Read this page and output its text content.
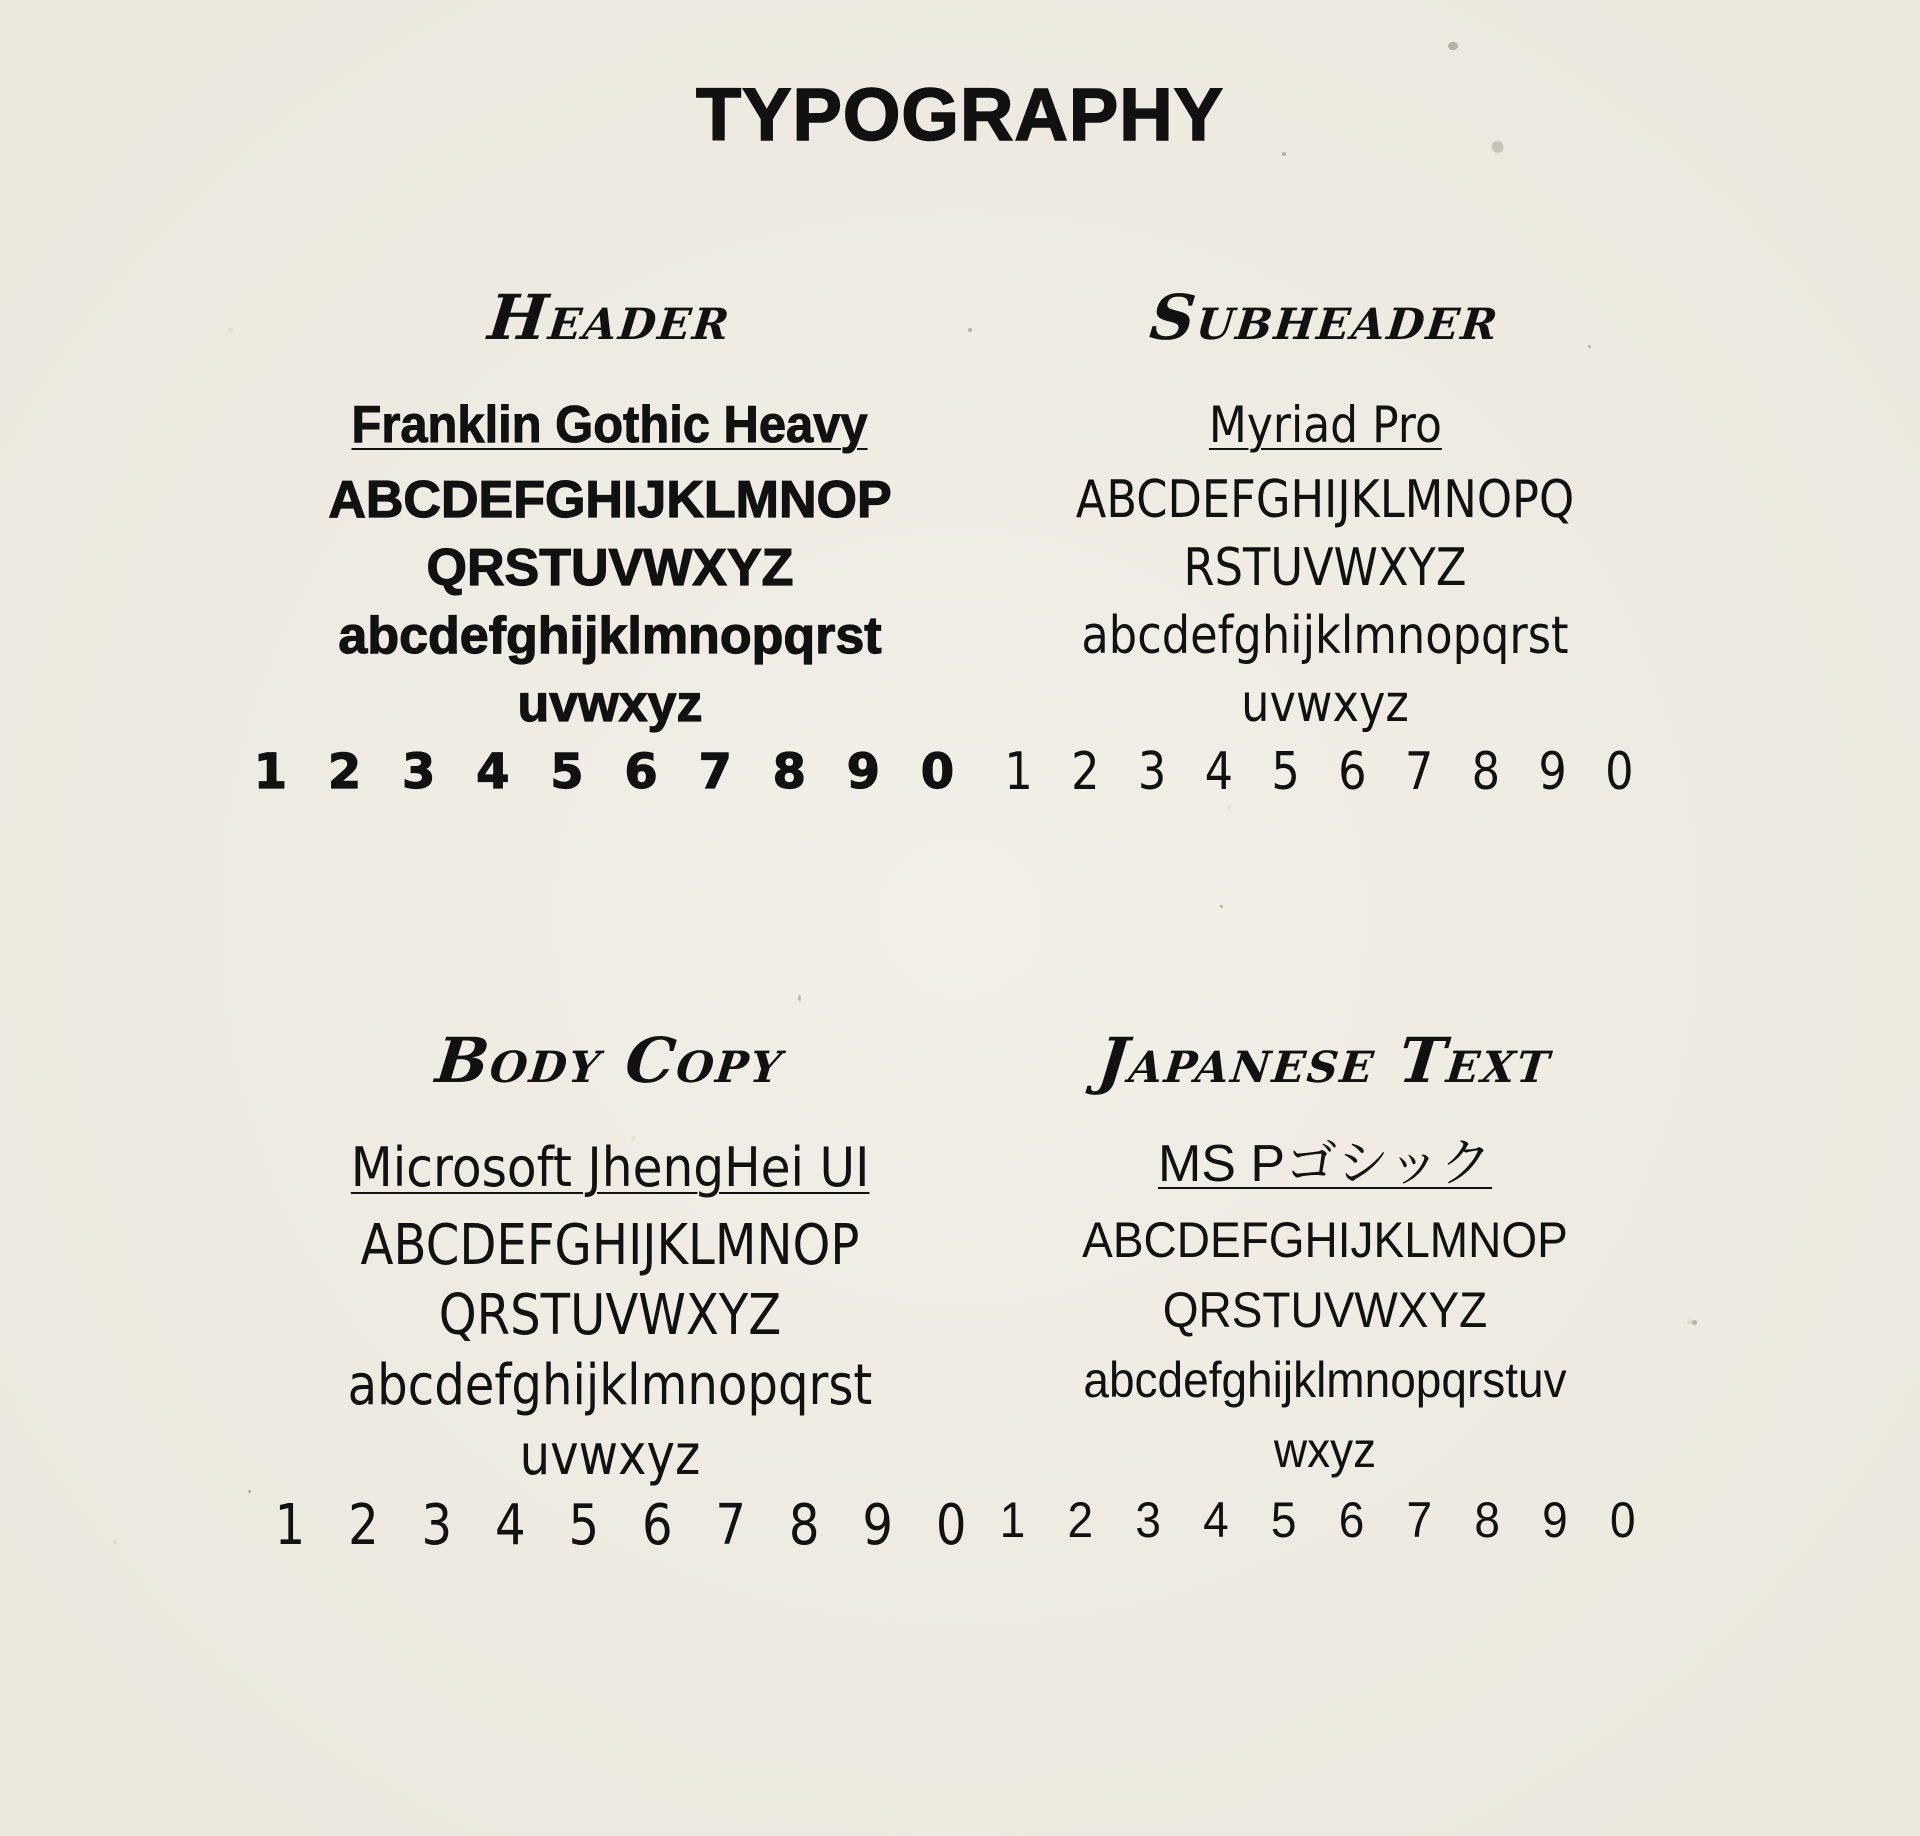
TYPOGRAPHY
Header
Franklin Gothic Heavy
ABCDEFGHIJKLMNOP
QRSTUVWXYZ
abcdefghijklmnopqrst
uvwxyz
1 2 3 4 5 6 7 8 9 0
Subheader
Myriad Pro
ABCDEFGHIJKLMNOPQ
RSTUVWXYZ
abcdefghijklmnopqrst
uvwxyz
1 2 3 4 5 6 7 8 9 0
Body Copy
Microsoft JhengHei UI
ABCDEFGHIJKLMNOP
QRSTUVWXYZ
abcdefghijklmnopqrst
uvwxyz
1 2 3 4 5 6 7 8 9 0
Japanese Text
MS Pゴシック
ABCDEFGHIJKLMNOP
QRSTUVWXYZ
abcdefghijklmnopqrstuv
wxyz
1 2 3 4 5 6 7 8 9 0
